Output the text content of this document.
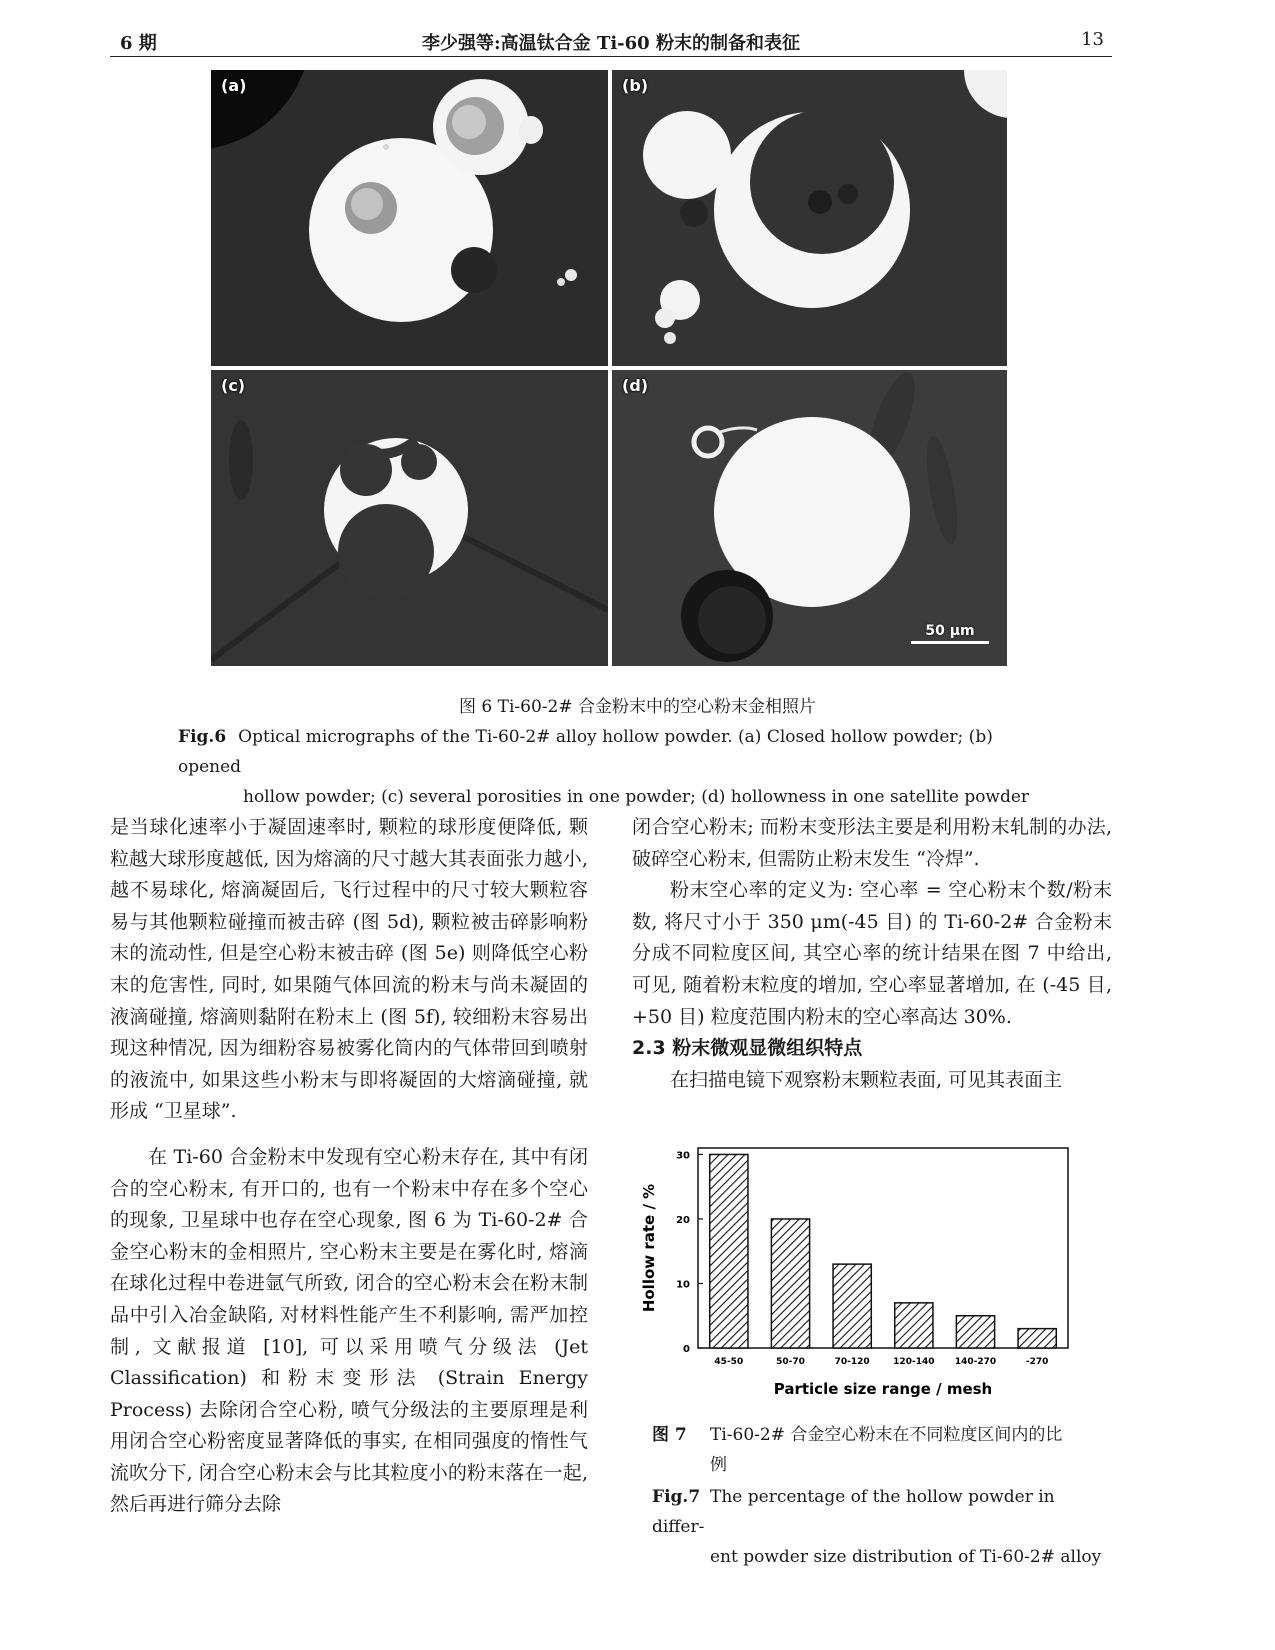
6 期	李少强等:高温钛合金 Ti-60 粉末的制备和表征	13
(a)	(b)
(c)	(d)
50 μm
图 6 Ti-60-2# 合金粉末中的空心粉末金相照片
Fig.6 Optical micrographs of the Ti-60-2# alloy hollow powder. (a) Closed hollow powder; (b) opened
hollow powder; (c) several porosities in one powder; (d) hollowness in one satellite powder

是当球化速率小于凝固速率时, 颗粒的球形度便降低, 颗粒越大球形度越低, 因为熔滴的尺寸越大其表面张力越小, 越不易球化, 熔滴凝固后, 飞行过程中的尺寸较大颗粒容易与其他颗粒碰撞而被击碎 (图 5d), 颗粒被击碎影响粉末的流动性, 但是空心粉末被击碎 (图 5e) 则降低空心粉末的危害性, 同时, 如果随气体回流的粉末与尚未凝固的液滴碰撞, 熔滴则黏附在粉末上 (图 5f), 较细粉末容易出现这种情况, 因为细粉容易被雾化筒内的气体带回到喷射的液流中, 如果这些小粉末与即将凝固的大熔滴碰撞, 就形成 “卫星球”.

在 Ti-60 合金粉末中发现有空心粉末存在, 其中有闭合的空心粉末, 有开口的, 也有一个粉末中存在多个空心的现象, 卫星球中也存在空心现象, 图 6 为 Ti-60-2# 合金空心粉末的金相照片, 空心粉末主要是在雾化时, 熔滴在球化过程中卷进氩气所致, 闭合的空心粉末会在粉末制品中引入冶金缺陷, 对材料性能产生不利影响, 需严加控制, 文献报道 [10], 可以采用喷气分级法 (Jet Classification) 和粉末变形法 (Strain Energy Process) 去除闭合空心粉, 喷气分级法的主要原理是利用闭合空心粉密度显著降低的事实, 在相同强度的惰性气流吹分下, 闭合空心粉末会与比其粒度小的粉末落在一起, 然后再进行筛分去除

闭合空心粉末; 而粉末变形法主要是利用粉末轧制的办法, 破碎空心粉末, 但需防止粉末发生 “冷焊”.

粉末空心率的定义为: 空心率 = 空心粉末个数/粉末数, 将尺寸小于 350 μm(-45 目) 的 Ti-60-2# 合金粉末分成不同粒度区间, 其空心率的统计结果在图 7 中给出, 可见, 随着粉末粒度的增加, 空心率显著增加, 在 (-45 目, +50 目) 粒度范围内粉末的空心率高达 30%.

2.3 粉末微观显微组织特点

在扫描电镜下观察粉末颗粒表面, 可见其表面主

0
10
20
30
45-50	50-70	70-120	120-140 140-270	-270
Hollow rate / %
Particle size range / mesh
图 7 Ti-60-2# 合金空心粉末在不同粒度区间内的比
例
Fig.7 The percentage of the hollow powder in differ-
ent powder size distribution of Ti-60-2# alloy
